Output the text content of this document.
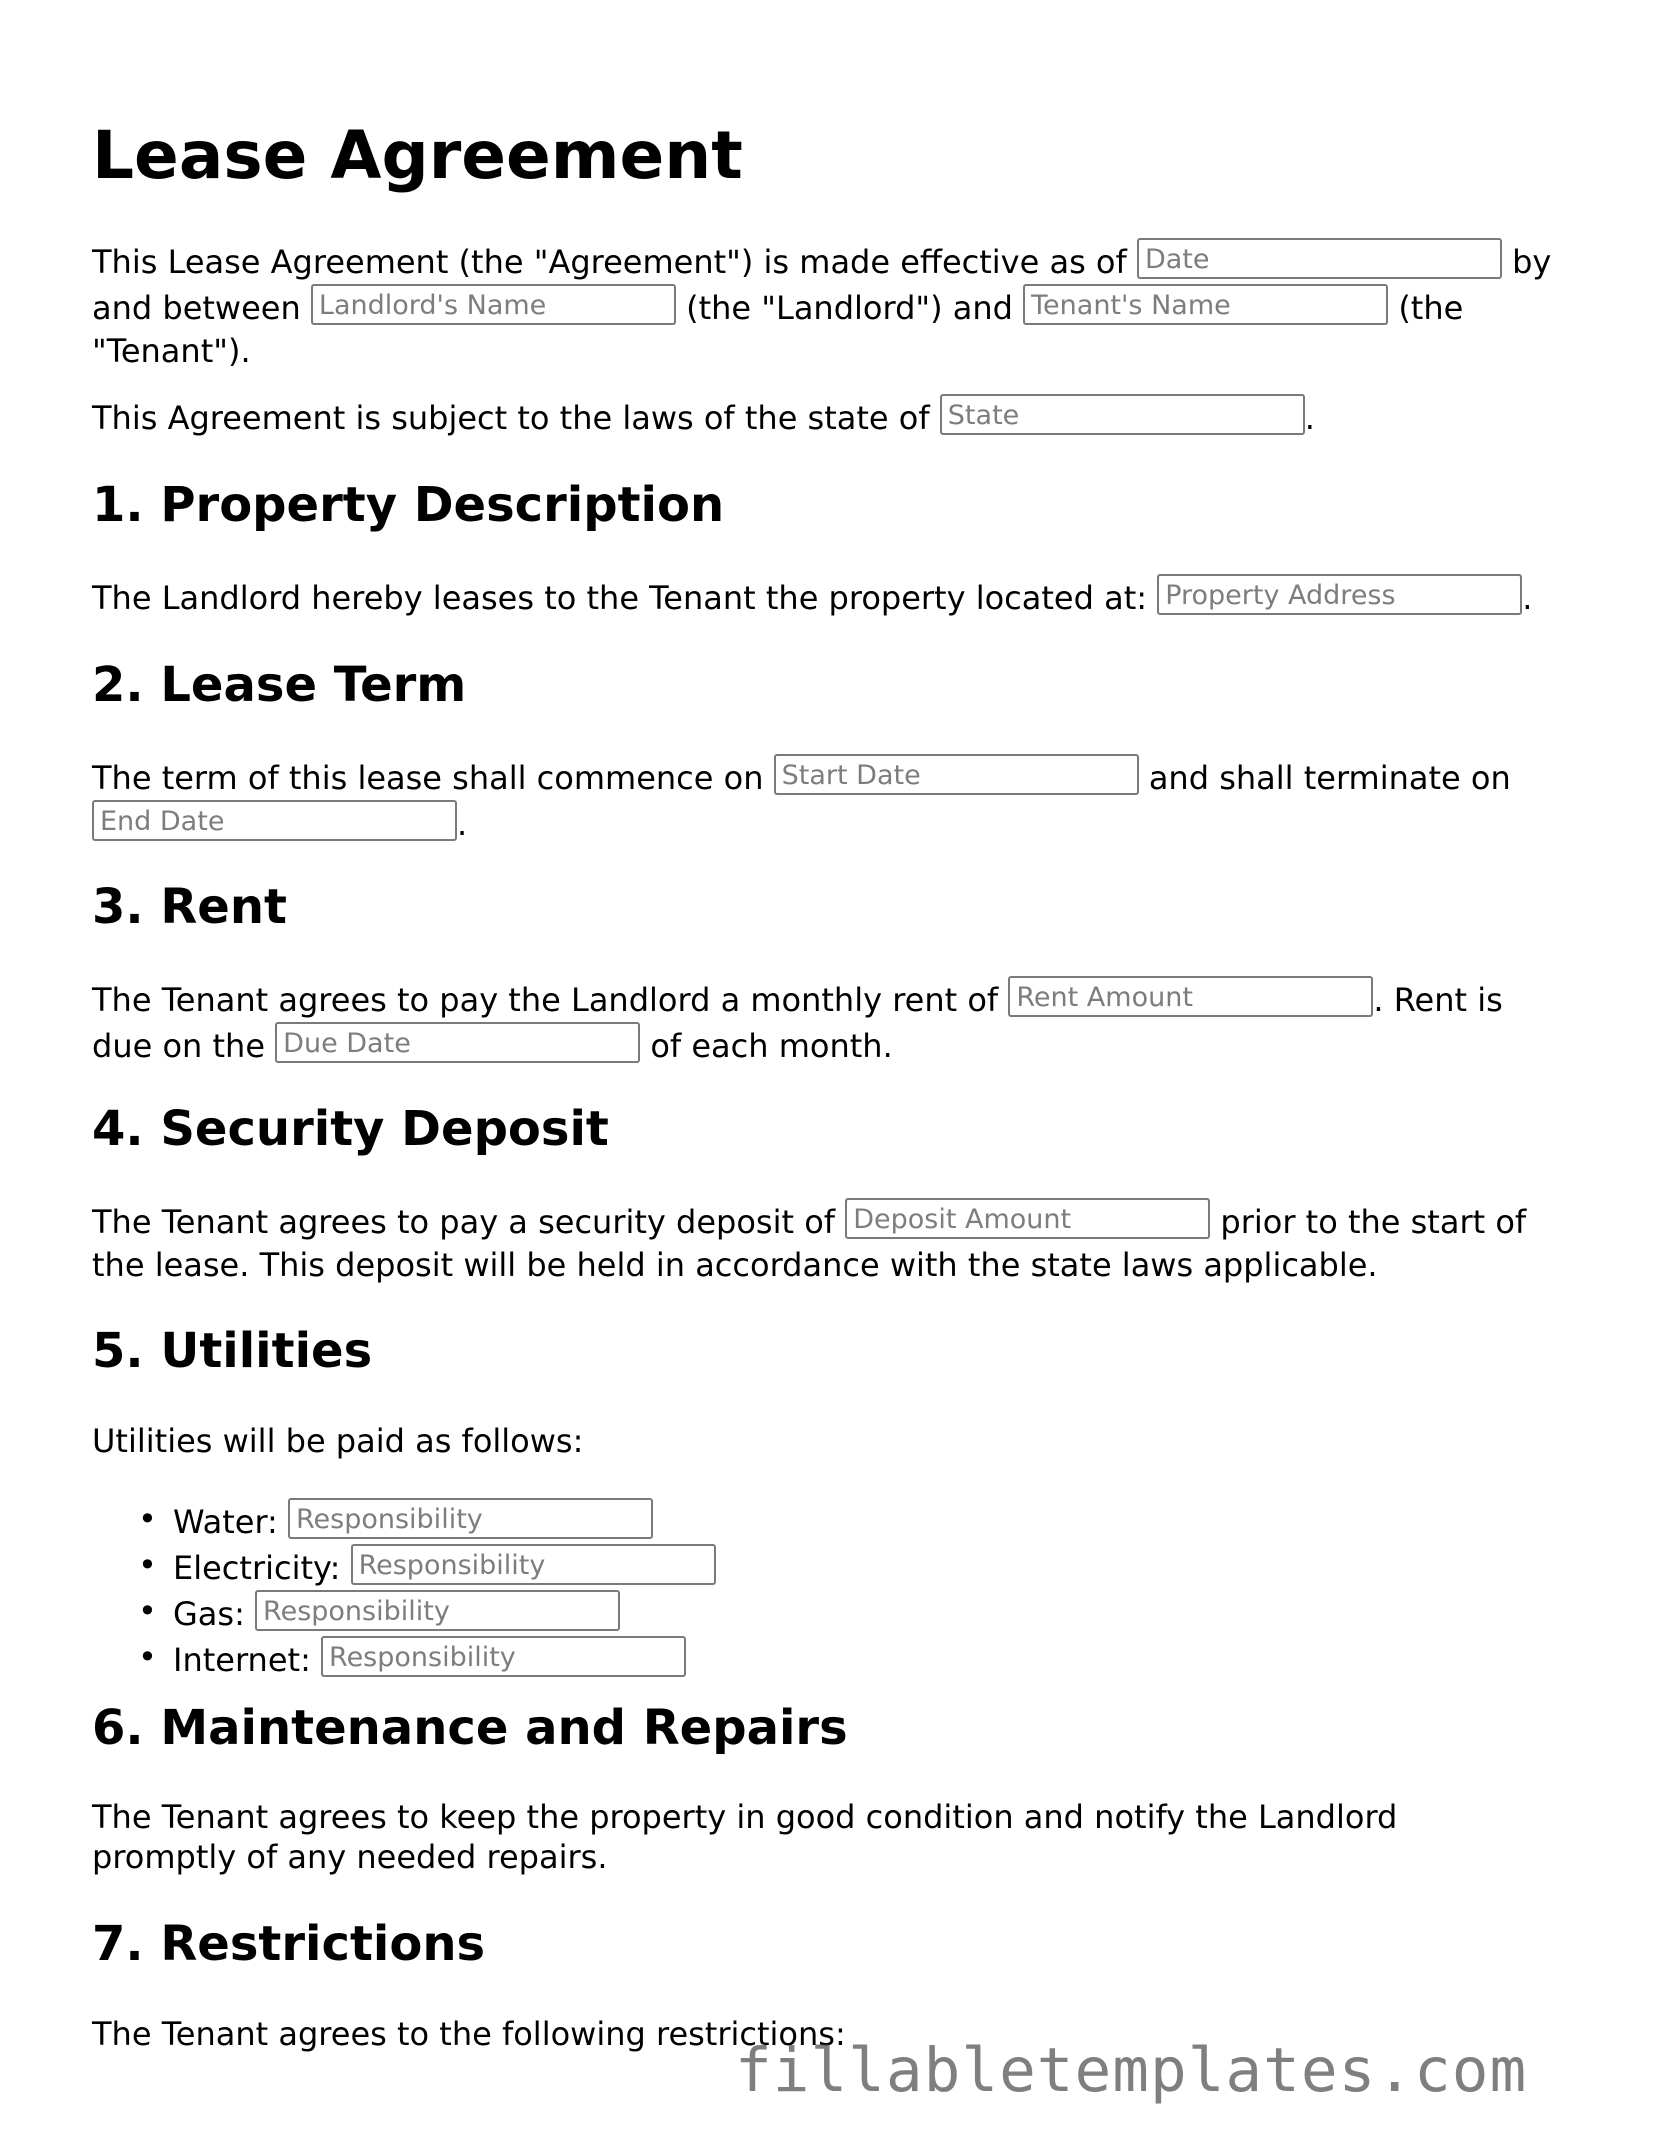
Lease Agreement

This Lease Agreement (the "Agreement") is made effective as of Date	by and between Landlord's Name	(the "Landlord") and Tenant's Name	(the "Tenant").

This Agreement is subject to the laws of the state of State	.

1. Property Description

The Landlord hereby leases to the Tenant the property located at: Property Address	.

2. Lease Term

The term of this lease shall commence on Start Date	and shall terminate on End Date	.

3. Rent

The Tenant agrees to pay the Landlord a monthly rent of Rent Amount	. Rent is due on the Due Date	of each month.

4. Security Deposit

The Tenant agrees to pay a security deposit of Deposit Amount	prior to the start of the lease. This deposit will be held in accordance with the state laws applicable.

5. Utilities

Utilities will be paid as follows:

• Water: Responsibility
• Electricity: Responsibility
• Gas: Responsibility
• Internet: Responsibility
6. Maintenance and Repairs

The Tenant agrees to keep the property in good condition and notify the Landlord promptly of any needed repairs.

7. Restrictions

The Tenant agrees to the following restrictions:

fillabletemplates.com
